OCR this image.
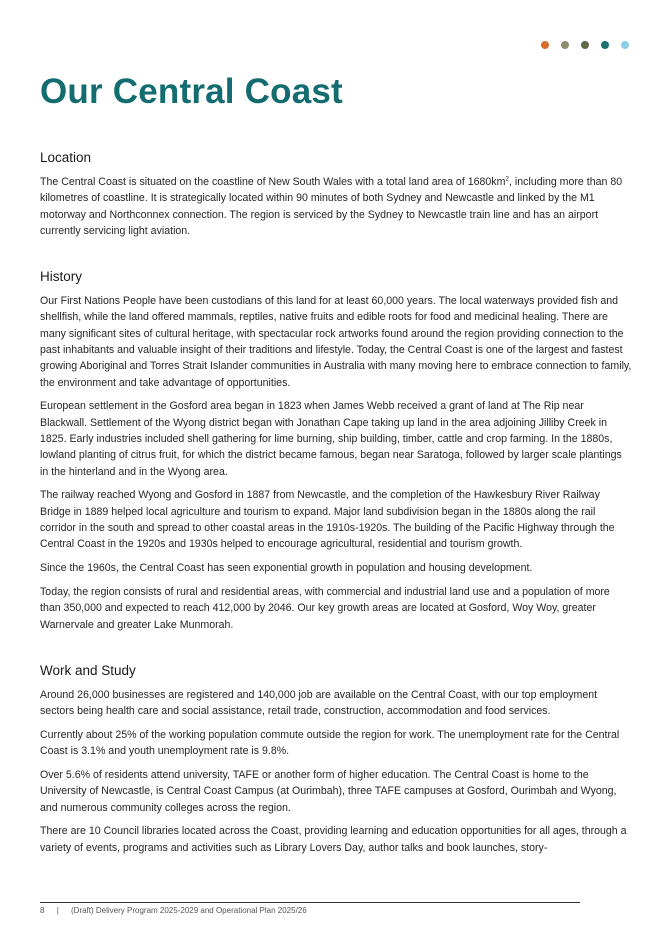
Our Central Coast
Location

The Central Coast is situated on the coastline of New South Wales with a total land area of $1680km^2$, including more than 80 kilometres of coastline. It is strategically located within 90 minutes of both Sydney and Newcastle and linked by the M1 motorway and Northconnex connection. The region is serviced by the Sydney to Newcastle train line and has an airport currently servicing light aviation.

History

Our First Nations People have been custodians of this land for at least 60,000 years. The local waterways provided fish and shellfish, while the land offered mammals, reptiles, native fruits and edible roots for food and medicinal healing. There are many significant sites of cultural heritage, with spectacular rock artworks found around the region providing connection to the past inhabitants and valuable insight of their traditions and lifestyle. Today, the Central Coast is one of the largest and fastest growing Aboriginal and Torres Strait Islander communities in Australia with many moving here to embrace connection to family, the environment and take advantage of opportunities.

European settlement in the Gosford area began in 1823 when James Webb received a grant of land at The Rip near Blackwall. Settlement of the Wyong district began with Jonathan Cape taking up land in the area adjoining Jilliby Creek in 1825. Early industries included shell gathering for lime burning, ship building, timber, cattle and crop farming. In the 1880s, lowland planting of citrus fruit, for which the district became famous, began near Saratoga, followed by larger scale plantings in the hinterland and in the Wyong area.

The railway reached Wyong and Gosford in 1887 from Newcastle, and the completion of the Hawkesbury River Railway Bridge in 1889 helped local agriculture and tourism to expand. Major land subdivision began in the 1880s along the rail corridor in the south and spread to other coastal areas in the 1910s-1920s. The building of the Pacific Highway through the Central Coast in the 1920s and 1930s helped to encourage agricultural, residential and tourism growth.

Since the 1960s, the Central Coast has seen exponential growth in population and housing development.

Today, the region consists of rural and residential areas, with commercial and industrial land use and a population of more than 350,000 and expected to reach 412,000 by 2046. Our key growth areas are located at Gosford, Woy Woy, greater Warnervale and greater Lake Munmorah.

Work and Study

Around 26,000 businesses are registered and 140,000 job are available on the Central Coast, with our top employment sectors being health care and social assistance, retail trade, construction, accommodation and food services.

Currently about 25% of the working population commute outside the region for work. The unemployment rate for the Central Coast is 3.1% and youth unemployment rate is 9.8%.

Over 5.6% of residents attend university, TAFE or another form of higher education. The Central Coast is home to the University of Newcastle, is Central Coast Campus (at Ourimbah), three TAFE campuses at Gosford, Ourimbah and Wyong, and numerous community colleges across the region.

There are 10 Council libraries located across the Coast, providing learning and education opportunities for all ages, through a variety of events, programs and activities such as Library Lovers Day, author talks and book launches, story-

8 | (Draft) Delivery Program 2025-2029 and Operational Plan 2025/26
